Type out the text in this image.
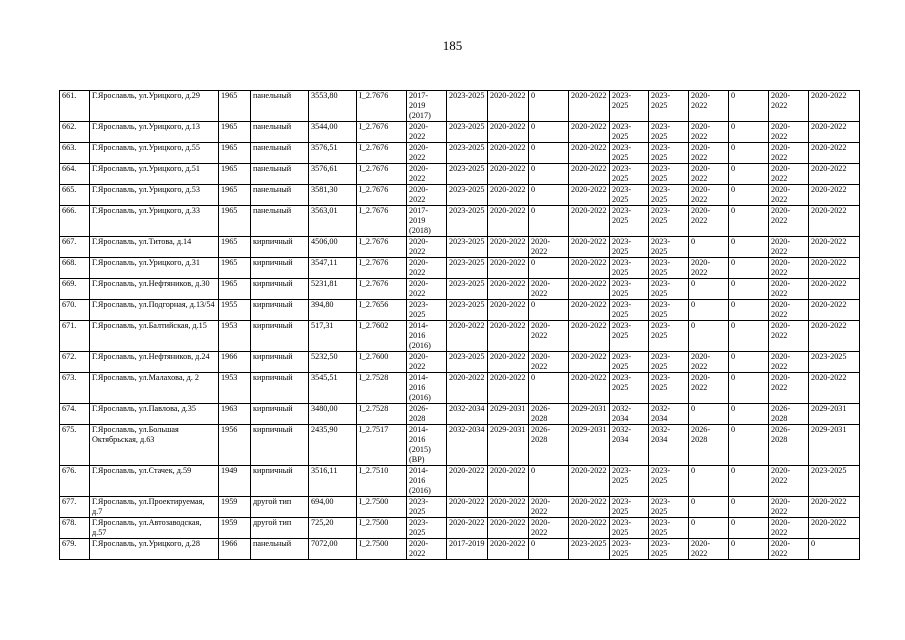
185
661.	Г.Ярославль, ул.Урицкого, д.29	1965	панельный	3553,80	I_2.7676	2017-2019 (2017)	2023-2025	2020-2022	0	2020-2022	2023-2025	2023-2025	2020-2022	0	2020-2022	2020-2022
662.	Г.Ярославль, ул.Урицкого, д.13	1965	панельный	3544,00	I_2.7676	2020-2022	2023-2025	2020-2022	0	2020-2022	2023-2025	2023-2025	2020-2022	0	2020-2022	2020-2022
663.	Г.Ярославль, ул.Урицкого, д.55	1965	панельный	3576,51	I_2.7676	2020-2022	2023-2025	2020-2022	0	2020-2022	2023-2025	2023-2025	2020-2022	0	2020-2022	2020-2022
664.	Г.Ярославль, ул.Урицкого, д.51	1965	панельный	3576,61	I_2.7676	2020-2022	2023-2025	2020-2022	0	2020-2022	2023-2025	2023-2025	2020-2022	0	2020-2022	2020-2022
665.	Г.Ярославль, ул.Урицкого, д.53	1965	панельный	3581,30	I_2.7676	2020-2022	2023-2025	2020-2022	0	2020-2022	2023-2025	2023-2025	2020-2022	0	2020-2022	2020-2022
666.	Г.Ярославль, ул.Урицкого, д.33	1965	панельный	3563,01	I_2.7676	2017-2019 (2018)	2023-2025	2020-2022	0	2020-2022	2023-2025	2023-2025	2020-2022	0	2020-2022	2020-2022
667.	Г.Ярославль, ул.Титова, д.14	1965	кирпичный	4506,00	I_2.7676	2020-2022	2023-2025	2020-2022	2020-2022	2020-2022	2023-2025	2023-2025	0	0	2020-2022	2020-2022
668.	Г.Ярославль, ул.Урицкого, д.31	1965	кирпичный	3547,11	I_2.7676	2020-2022	2023-2025	2020-2022	0	2020-2022	2023-2025	2023-2025	2020-2022	0	2020-2022	2020-2022
669.	Г.Ярославль, ул.Нефтяников, д.30	1965	кирпичный	5231,81	I_2.7676	2020-2022	2023-2025	2020-2022	2020-2022	2020-2022	2023-2025	2023-2025	0	0	2020-2022	2020-2022
670.	Г.Ярославль, ул.Подгорная, д.13/54	1955	кирпичный	394,80	I_2.7656	2023-2025	2023-2025	2020-2022	0	2020-2022	2023-2025	2023-2025	0	0	2020-2022	2020-2022
671.	Г.Ярославль, ул.Балтийская, д.15	1953	кирпичный	517,31	I_2.7602	2014-2016 (2016)	2020-2022	2020-2022	2020-2022	2020-2022	2023-2025	2023-2025	0	0	2020-2022	2020-2022
672.	Г.Ярославль, ул.Нефтяников, д.24	1966	кирпичный	5232,50	I_2.7600	2020-2022	2023-2025	2020-2022	2020-2022	2020-2022	2023-2025	2023-2025	2020-2022	0	2020-2022	2023-2025
673.	Г.Ярославль, ул.Малахова, д. 2	1953	кирпичный	3545,51	I_2.7528	2014-2016 (2016)	2020-2022	2020-2022	0	2020-2022	2023-2025	2023-2025	2020-2022	0	2020-2022	2020-2022
674.	Г.Ярославль, ул.Павлова, д.35	1963	кирпичный	3480,00	I_2.7528	2026-2028	2032-2034	2029-2031	2026-2028	2029-2031	2032-2034	2032-2034	0	0	2026-2028	2029-2031
675.	Г.Ярославль, ул.Большая Октябрьская, д.63	1956	кирпичный	2435,90	I_2.7517	2014-2016 (2015) (ВР)	2032-2034	2029-2031	2026-2028	2029-2031	2032-2034	2032-2034	2026-2028	0	2026-2028	2029-2031
676.	Г.Ярославль, ул.Стачек, д.59	1949	кирпичный	3516,11	I_2.7510	2014-2016 (2016)	2020-2022	2020-2022	0	2020-2022	2023-2025	2023-2025	0	0	2020-2022	2023-2025
677.	Г.Ярославль, ул.Проектируемая, д.7	1959	другой тип	694,00	I_2.7500	2023-2025	2020-2022	2020-2022	2020-2022	2020-2022	2023-2025	2023-2025	0	0	2020-2022	2020-2022
678.	Г.Ярославль, ул.Автозаводская, д.57	1959	другой тип	725,20	I_2.7500	2023-2025	2020-2022	2020-2022	2020-2022	2020-2022	2023-2025	2023-2025	0	0	2020-2022	2020-2022
679.	Г.Ярославль, ул.Урицкого, д.28	1966	панельный	7072,00	I_2.7500	2020-2022	2017-2019	2020-2022	0	2023-2025	2023-2025	2023-2025	2020-2022	0	2020-2022	0
